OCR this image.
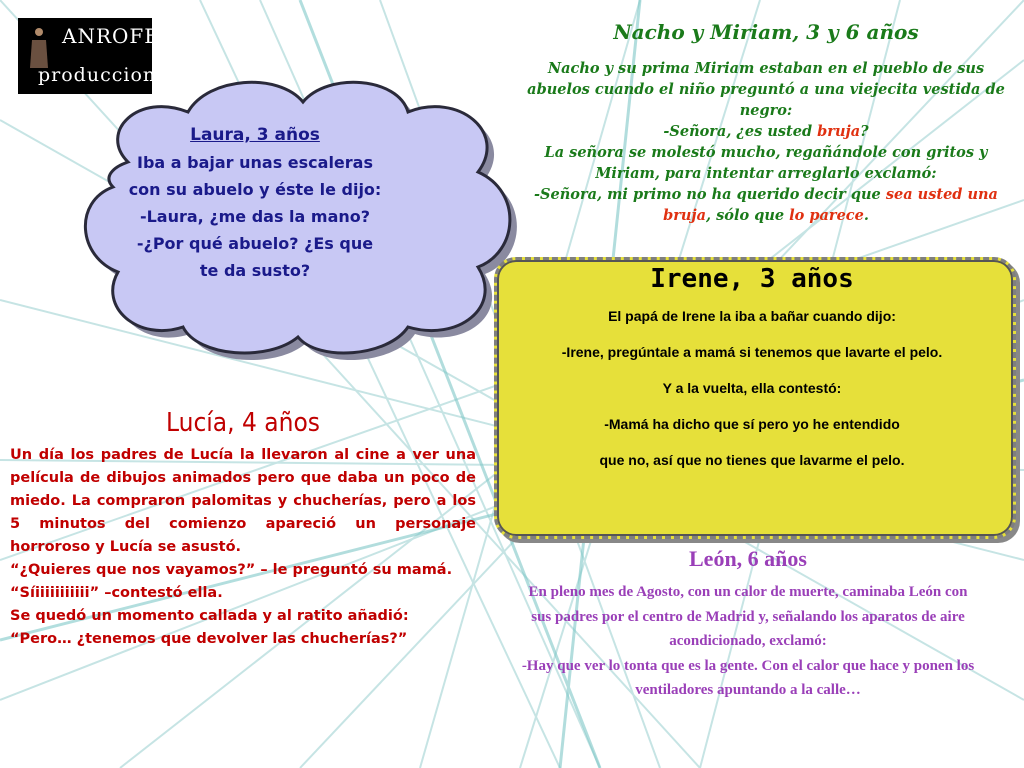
ANROFER
producciones
Laura, 3 años
Iba a bajar unas escaleras
con su abuelo y éste le dijo:
-Laura, ¿me das la mano?
-¿Por qué abuelo? ¿Es que
te da susto?
Nacho y Miriam, 3 y 6 años
Nacho y su prima Miriam estaban en el pueblo de sus abuelos cuando el niño preguntó a una viejecita vestida de negro:
-Señora, ¿es usted bruja?
La señora se molestó mucho, regañándole con gritos y Miriam, para intentar arreglarlo exclamó:
-Señora, mi primo no ha querido decir que sea usted una bruja, sólo que lo parece.
Irene, 3 años

El papá de Irene la iba a bañar cuando dijo:

-Irene, pregúntale a mamá si tenemos que lavarte el pelo.

Y a la vuelta, ella contestó:

-Mamá ha dicho que sí pero yo he entendido

que no, así que no tienes que lavarme el pelo.

Lucía, 4 años
Un día los padres de Lucía la llevaron al cine a ver una película de dibujos animados pero que daba un poco de miedo. La compraron palomitas y chucherías, pero a los 5 minutos del comienzo apareció un personaje horroroso y Lucía se asustó.
“¿Quieres que nos vayamos?” – le preguntó su mamá.
“Síiiiiiiiiiii” –contestó ella.
Se quedó un momento callada y al ratito añadió:
“Pero… ¿tenemos que devolver las chucherías?”
León, 6 años
En pleno mes de Agosto, con un calor de muerte, caminaba León con sus padres por el centro de Madrid y, señalando los aparatos de aire acondicionado, exclamó:
-Hay que ver lo tonta que es la gente. Con el calor que hace y ponen los ventiladores apuntando a la calle…
